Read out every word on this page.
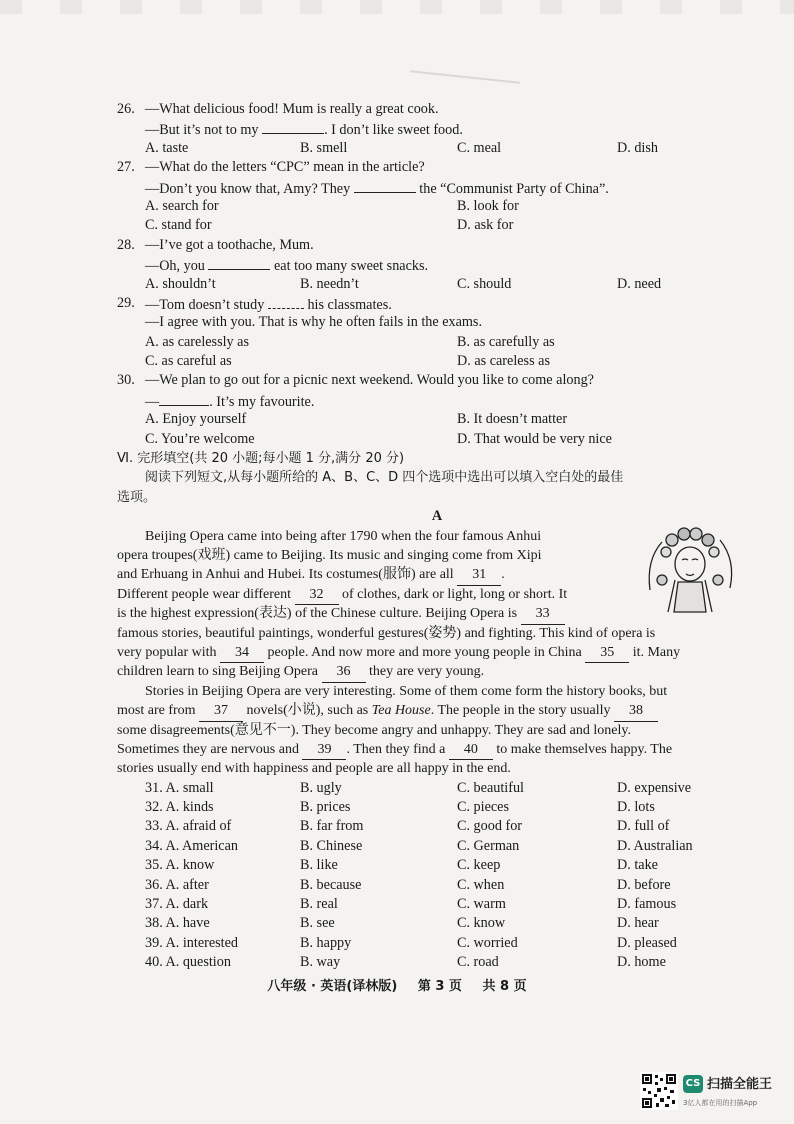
26. —What delicious food! Mum is really a great cook.
—But it’s not to my	. I don’t like sweet food.
A. taste	B. smell	C. meal	D. dish
27. —What do the letters “CPC” mean in the article?
—Don’t you know that, Amy? They	the “Communist Party of China”.
A. search for	B. look for
C. stand for	D. ask for
28. —I’ve got a toothache, Mum.
—Oh, you	eat too many sweet snacks.
A. shouldn’t	B. needn’t	C. should	D. need
29. —Tom doesn’t study	his classmates.
—I agree with you. That is why he often fails in the exams.
A. as carelessly as	B. as carefully as
C. as careful as	D. as careless as
30. —We plan to go out for a picnic next weekend. Would you like to come along?
—	. It’s my favourite.
A. Enjoy yourself	B. It doesn’t matter
C. You’re welcome	D. That would be very nice
Ⅵ. 完形填空(共 20 小题;每小题 1 分,满分 20 分)
阅读下列短文,从每小题所给的 A、B、C、D 四个选项中选出可以填入空白处的最佳
选项。
A
Beijing Opera came into being after 1790 when the four famous Anhui
opera troupes(戏班) came to Beijing. Its music and singing come from Xipi
and Erhuang in Anhui and Hubei. Its costumes(服饰) are all 31 .
Different people wear different 32 of clothes, dark or light, long or short. It
is the highest expression(表达) of the Chinese culture. Beijing Opera is 33
famous stories, beautiful paintings, wonderful gestures(姿势) and fighting. This kind of opera is
very popular with 34 people. And now more and more young people in China 35 it. Many
children learn to sing Beijing Opera 36 they are very young.
Stories in Beijing Opera are very interesting. Some of them come form the history books, but
most are from 37 novels(小说), such as Tea House. The people in the story usually 38
some disagreements(意见不一). They become angry and unhappy. They are sad and lonely.
Sometimes they are nervous and 39 . Then they find a 40 to make themselves happy. The
stories usually end with happiness and people are all happy in the end.
31. A. small	B. ugly	C. beautiful	D. expensive
32. A. kinds	B. prices	C. pieces	D. lots
33. A. afraid of	B. far from	C. good for	D. full of
34. A. American	B. Chinese	C. German	D. Australian
35. A. know	B. like	C. keep	D. take
36. A. after	B. because	C. when	D. before
37. A. dark	B. real	C. warm	D. famous
38. A. have	B. see	C. know	D. hear
39. A. interested	B. happy	C. worried	D. pleased
40. A. question	B. way	C. road	D. home
八年级 · 英语(译林版) 第 3 页 共 8 页
CS 扫描全能王
3亿人都在用的扫描App
